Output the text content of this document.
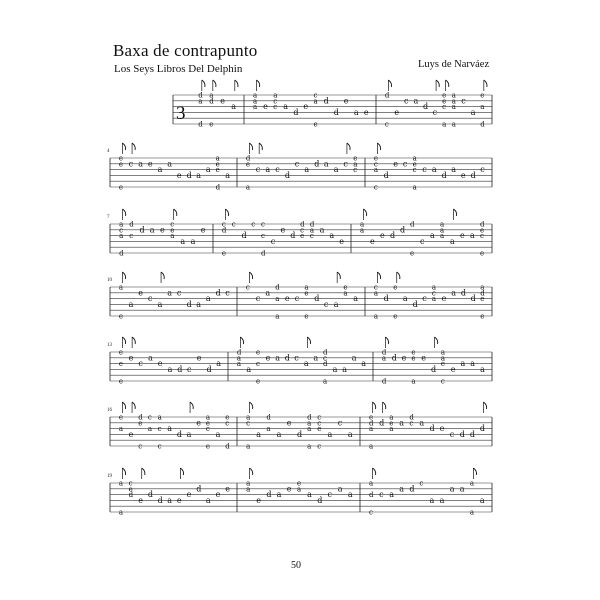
Baxa de contrapunto
Los Seys Libros Del Delphin	Luys de Narváez
3
d
a
d
a
d
e
e
a
a
a
a e
a
c
c a
d
e
c
a
e
d
d
e
a e
d
c
e
c a
d
c
e
e
c
a
a
a
a
a
c
a
e
a
d
4
e
e
e
c a e
a
a
e d a
a
a
e
e
d
a
d
e
a
c a c
d
c
a
d a
a
c
e
a
c
e
c
a
c
d
e c
a
e
c
a
c a
d
a
e d
c
7
a
c
a
d
d
c
d a e
c
e
a
a a
e
c
d
e
c
d
c c
c
d
c
e
d
d
c
e
d
a
c
a
a
e
a
a
e
e d
d
d
e
c
a
a
a
a
a
e a
d
e
c
e
10
a
e
a
e
c
a
a c
d a
a
d c
c
c
a
d
a
a
e c
a
e
e
d
c a
e
a
a
c
a
a
d
e
e
a
d
c
a
c
a e
a d
d
a
d
e
e
13
e
e
e
e
c
a
e
a d c
e
d
a
d
a
a
a
e
c
e
e a d c
a
a
d
c
d
a
a a
a
a
d
a
d
d e
e
e
a
e
d
a
a
e
c
e
a a
a
16
e
a
e
d
e
c
c
a
a
c
c
a
d a
e
a
e
c
e
a
e
c
d
a
c
a
a
d
a
a
e
d
d
a
a
a
c
c
e
c
a
c
a
e
d
a
a
d
a
e
a
a
d
c a
d e
c d d
d
19
a
a
c
e
d
e
d
d a e
e
d
a
e
e
a
a
e
d a
e
e
a
a
d
c
a
a
a
d
c
c a
a d
c
a a
a a
a
a
a
50
